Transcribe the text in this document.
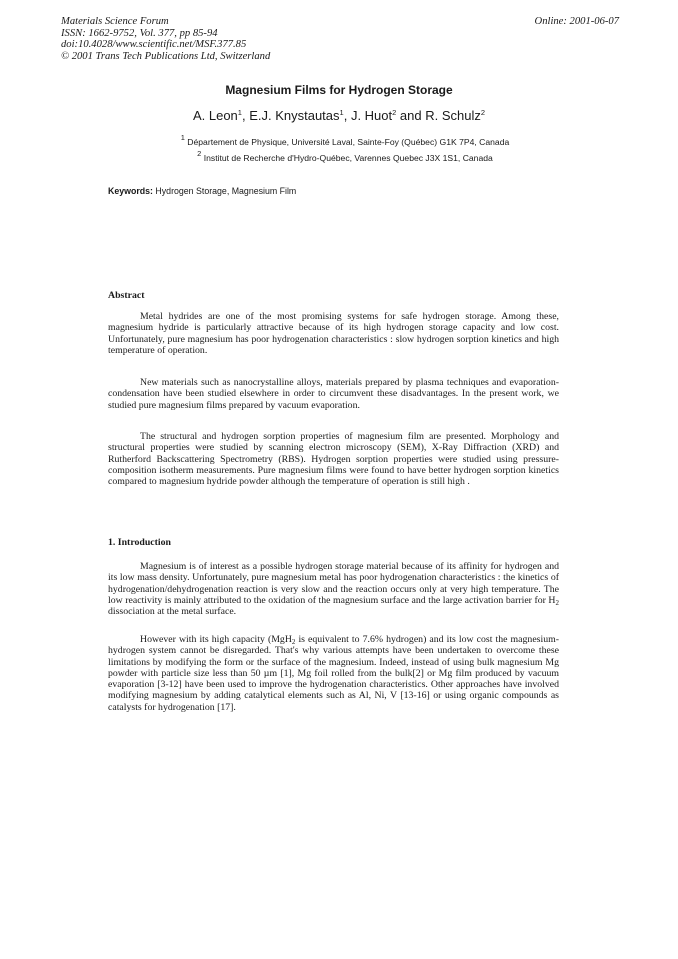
Materials Science Forum
ISSN: 1662-9752, Vol. 377, pp 85-94
doi:10.4028/www.scientific.net/MSF.377.85
© 2001 Trans Tech Publications Ltd, Switzerland
Online: 2001-06-07
Magnesium Films for Hydrogen Storage
A. Leon$^1$, E.J. Knystautas$^1$, J. Huot$^2$ and R. Schulz$^2$
$^1$ Département de Physique, Université Laval, Sainte-Foy (Québec) G1K 7P4, Canada
$^2$ Institut de Recherche d'Hydro-Québec, Varennes Quebec J3X 1S1, Canada
Keywords: Hydrogen Storage, Magnesium Film
Abstract
Metal hydrides are one of the most promising systems for safe hydrogen storage. Among these, magnesium hydride is particularly attractive because of its high hydrogen storage capacity and low cost. Unfortunately, pure magnesium has poor hydrogenation characteristics : slow hydrogen sorption kinetics and high temperature of operation.
New materials such as nanocrystalline alloys, materials prepared by plasma techniques and evaporation-condensation have been studied elsewhere in order to circumvent these disadvantages. In the present work, we studied pure magnesium films prepared by vacuum evaporation.
The structural and hydrogen sorption properties of magnesium film are presented. Morphology and structural properties were studied by scanning electron microscopy (SEM), X-Ray Diffraction (XRD) and Rutherford Backscattering Spectrometry (RBS). Hydrogen sorption properties were studied using pressure-composition isotherm measurements. Pure magnesium films were found to have better hydrogen sorption kinetics compared to magnesium hydride powder although the temperature of operation is still high .
1. Introduction
Magnesium is of interest as a possible hydrogen storage material because of its affinity for hydrogen and its low mass density. Unfortunately, pure magnesium metal has poor hydrogenation characteristics : the kinetics of hydrogenation/dehydrogenation reaction is very slow and the reaction occurs only at very high temperature. The low reactivity is mainly attributed to the oxidation of the magnesium surface and the large activation barrier for $H_2$ dissociation at the metal surface.
However with its high capacity (MgH$_2$ is equivalent to 7.6% hydrogen) and its low cost the magnesium-hydrogen system cannot be disregarded. That's why various attempts have been undertaken to overcome these limitations by modifying the form or the surface of the magnesium. Indeed, instead of using bulk magnesium Mg powder with particle size less than 50 µm [1], Mg foil rolled from the bulk[2] or Mg film produced by vacuum evaporation [3-12] have been used to improve the hydrogenation characteristics. Other approaches have involved modifying magnesium by adding catalytical elements such as Al, Ni, V [13-16] or using organic compounds as catalysts for hydrogenation [17].
